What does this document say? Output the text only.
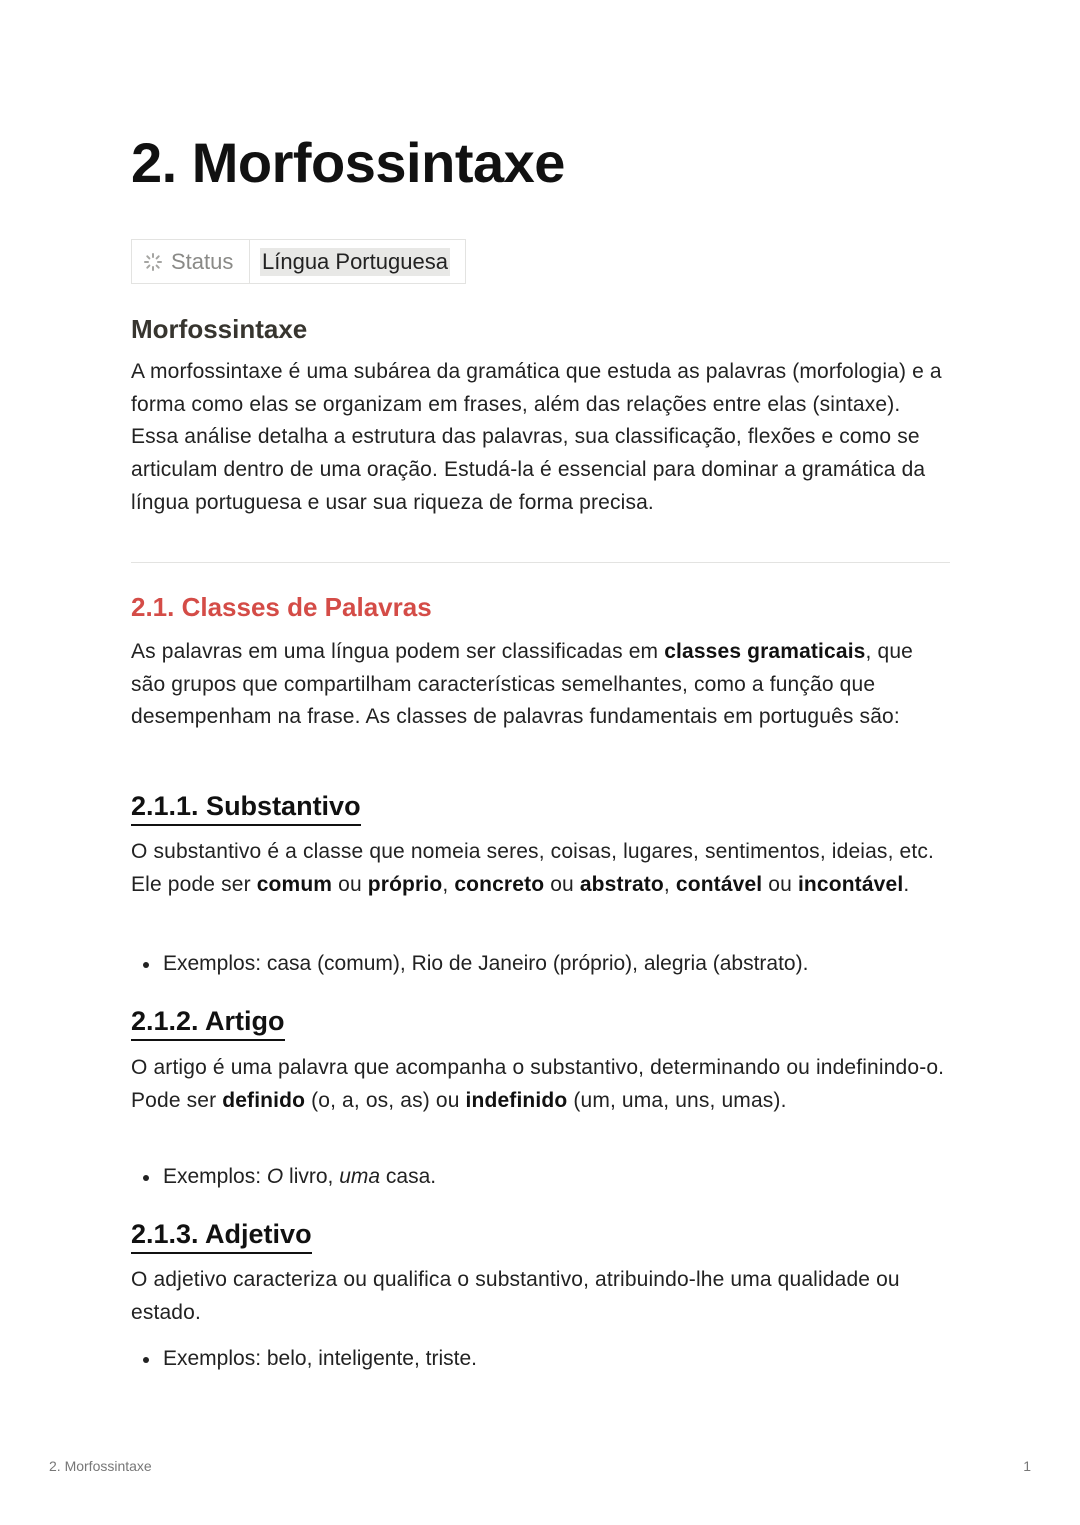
2. Morfossintaxe
Status Língua Portuguesa
Morfossintaxe

A morfossintaxe é uma subárea da gramática que estuda as palavras (morfologia) e a forma como elas se organizam em frases, além das relações entre elas (sintaxe). Essa análise detalha a estrutura das palavras, sua classificação, flexões e como se articulam dentro de uma oração. Estudá-la é essencial para dominar a gramática da língua portuguesa e usar sua riqueza de forma precisa.

2.1. Classes de Palavras

As palavras em uma língua podem ser classificadas em classes gramaticais, que são grupos que compartilham características semelhantes, como a função que desempenham na frase. As classes de palavras fundamentais em português são:

2.1.1. Substantivo

O substantivo é a classe que nomeia seres, coisas, lugares, sentimentos, ideias, etc. Ele pode ser comum ou próprio, concreto ou abstrato, contável ou incontável.

Exemplos: casa (comum), Rio de Janeiro (próprio), alegria (abstrato).
2.1.2. Artigo

O artigo é uma palavra que acompanha o substantivo, determinando ou indefinindo-o. Pode ser definido (o, a, os, as) ou indefinido (um, uma, uns, umas).

Exemplos: O livro, uma casa.
2.1.3. Adjetivo

O adjetivo caracteriza ou qualifica o substantivo, atribuindo-lhe uma qualidade ou estado.

Exemplos: belo, inteligente, triste.
2. Morfossintaxe	1
